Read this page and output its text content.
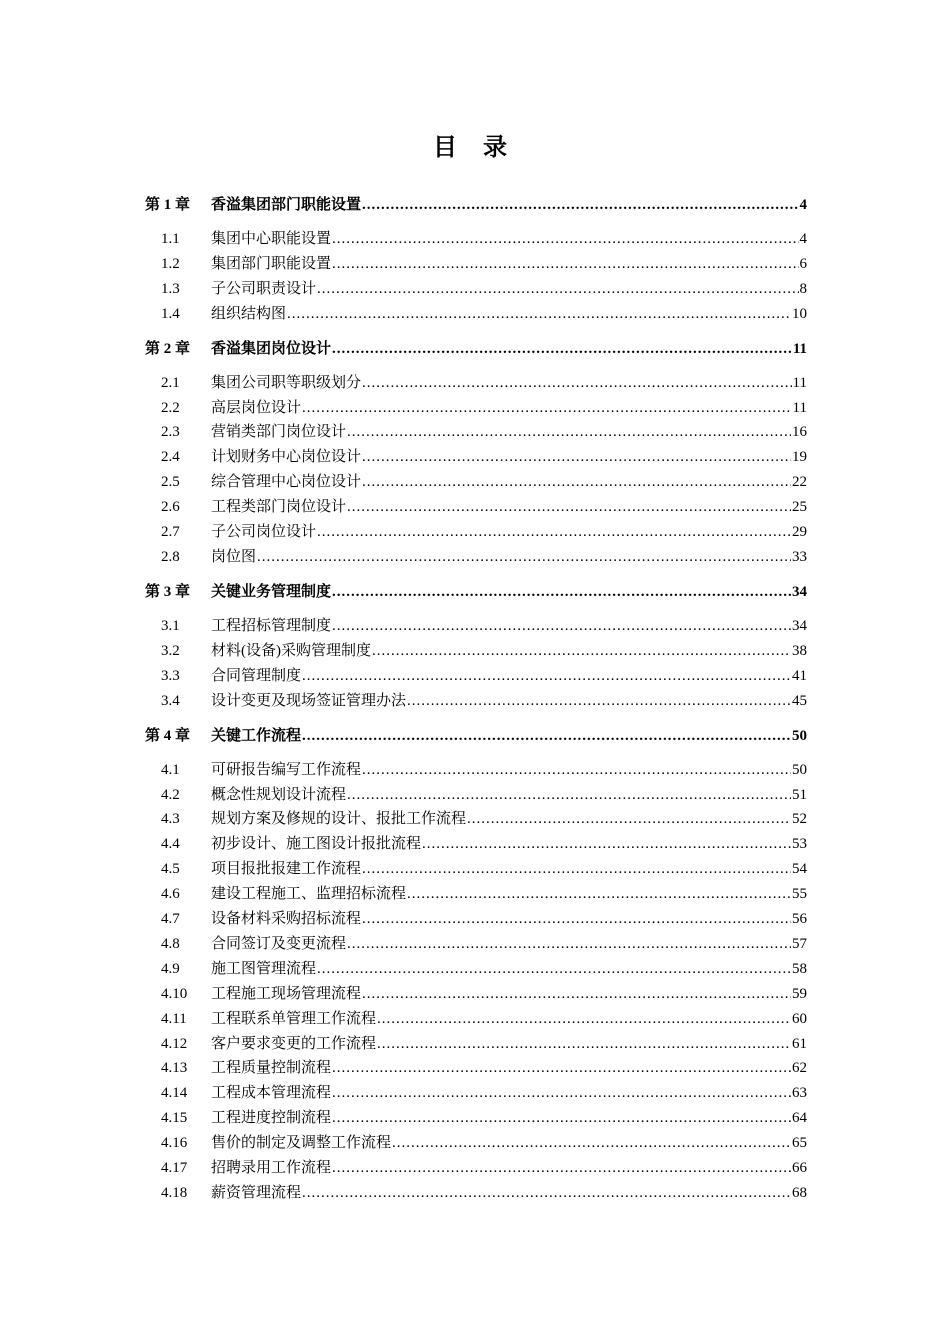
目 录
第 1 章	香溢集团部门职能设置 .....	4
1.1	集团中心职能设置 .....	4
1.2	集团部门职能设置 .....	6
1.3	子公司职责设计 .....	8
1.4	组织结构图 .....	10
第 2 章	香溢集团岗位设计 .....	11
2.1	集团公司职等职级划分 .....	11
2.2	高层岗位设计 .....	11
2.3	营销类部门岗位设计 .....	16
2.4	计划财务中心岗位设计 .....	19
2.5	综合管理中心岗位设计 .....	22
2.6	工程类部门岗位设计 .....	25
2.7	子公司岗位设计 .....	29
2.8	岗位图 .....	33
第 3 章	关键业务管理制度 .....	34
3.1	工程招标管理制度 .....	34
3.2	材料(设备)采购管理制度 .....	38
3.3	合同管理制度 .....	41
3.4	设计变更及现场签证管理办法 .....	45
第 4 章	关键工作流程 .....	50
4.1	可研报告编写工作流程 .....	50
4.2	概念性规划设计流程 .....	51
4.3	规划方案及修规的设计、报批工作流程 .....	52
4.4	初步设计、施工图设计报批流程 .....	53
4.5	项目报批报建工作流程 .....	54
4.6	建设工程施工、监理招标流程 .....	55
4.7	设备材料采购招标流程 .....	56
4.8	合同签订及变更流程 .....	57
4.9	施工图管理流程 .....	58
4.10	工程施工现场管理流程 .....	59
4.11	工程联系单管理工作流程 .....	60
4.12	客户要求变更的工作流程 .....	61
4.13	工程质量控制流程 .....	62
4.14	工程成本管理流程 .....	63
4.15	工程进度控制流程 .....	64
4.16	售价的制定及调整工作流程 .....	65
4.17	招聘录用工作流程 .....	66
4.18	薪资管理流程 .....	68
